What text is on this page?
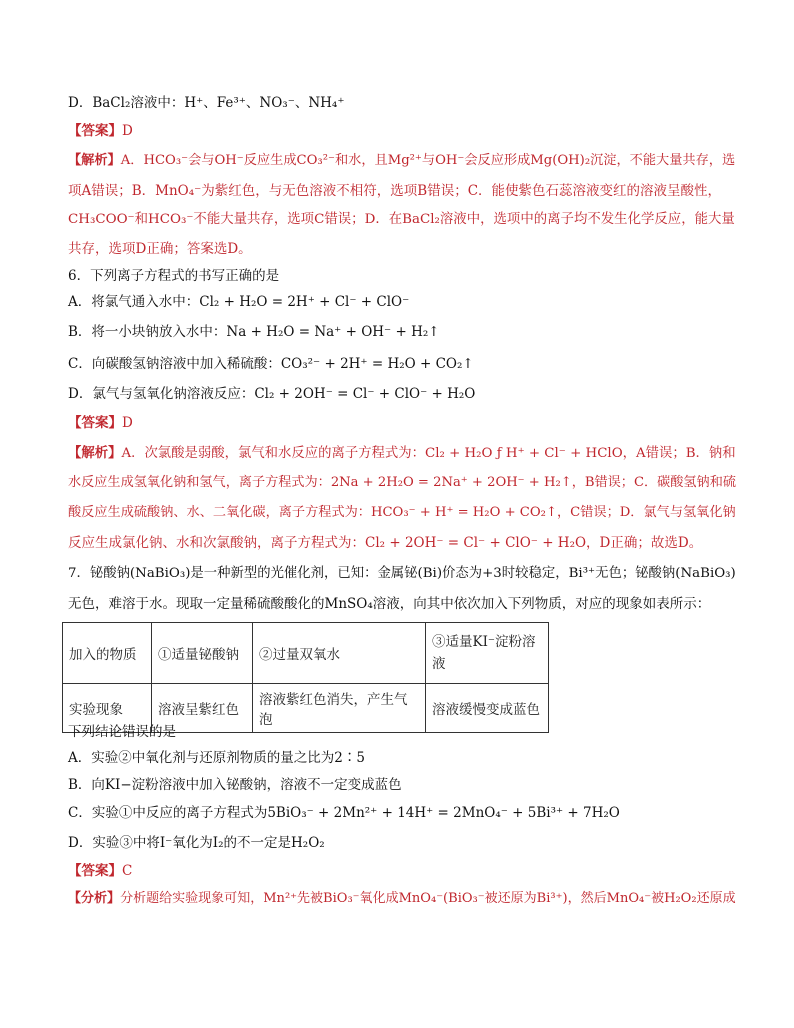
D．BaCl₂溶液中：H⁺、Fe³⁺、NO₃⁻、NH₄⁺
【答案】D
【解析】A．HCO₃⁻会与OH⁻反应生成CO₃²⁻和水，且Mg²⁺与OH⁻会反应形成Mg(OH)₂沉淀，不能大量共存，选
项A错误；B．MnO₄⁻为紫红色，与无色溶液不相符，选项B错误；C．能使紫色石蕊溶液变红的溶液呈酸性，
CH₃COO⁻和HCO₃⁻不能大量共存，选项C错误；D．在BaCl₂溶液中，选项中的离子均不发生化学反应，能大量
共存，选项D正确；答案选D。
6．下列离子方程式的书写正确的是
A．将氯气通入水中：Cl₂ + H₂O = 2H⁺ + Cl⁻ + ClO⁻
B．将一小块钠放入水中：Na + H₂O = Na⁺ + OH⁻ + H₂↑
C．向碳酸氢钠溶液中加入稀硫酸：CO₃²⁻ + 2H⁺ = H₂O + CO₂↑
D．氯气与氢氧化钠溶液反应：Cl₂ + 2OH⁻ = Cl⁻ + ClO⁻ + H₂O
【答案】D
【解析】A．次氯酸是弱酸，氯气和水反应的离子方程式为：Cl₂ + H₂O ƒ H⁺ + Cl⁻ + HClO，A错误；B．钠和
水反应生成氢氧化钠和氢气，离子方程式为：2Na + 2H₂O = 2Na⁺ + 2OH⁻ + H₂↑，B错误；C．碳酸氢钠和硫
酸反应生成硫酸钠、水、二氧化碳，离子方程式为：HCO₃⁻ + H⁺ = H₂O + CO₂↑，C错误；D．氯气与氢氧化钠
反应生成氯化钠、水和次氯酸钠，离子方程式为：Cl₂ + 2OH⁻ = Cl⁻ + ClO⁻ + H₂O，D正确；故选D。
7．铋酸钠(NaBiO₃)是一种新型的光催化剂，已知：金属铋(Bi)价态为+3时较稳定，Bi³⁺无色；铋酸钠(NaBiO₃)
无色，难溶于水。现取一定量稀硫酸酸化的MnSO₄溶液，向其中依次加入下列物质，对应的现象如表所示：
加入的物质	①适量铋酸钠	②过量双氧水	③适量KI⁻淀粉溶液
实验现象	溶液呈紫红色	溶液紫红色消失，产生气泡	溶液缓慢变成蓝色
下列结论错误的是
A．实验②中氧化剂与还原剂物质的量之比为2∶5
B．向KI−淀粉溶液中加入铋酸钠，溶液不一定变成蓝色
C．实验①中反应的离子方程式为5BiO₃⁻ + 2Mn²⁺ + 14H⁺ = 2MnO₄⁻ + 5Bi³⁺ + 7H₂O
D．实验③中将I⁻氧化为I₂的不一定是H₂O₂
【答案】C
【分析】分析题给实验现象可知，Mn²⁺先被BiO₃⁻氧化成MnO₄⁻(BiO₃⁻被还原为Bi³⁺)，然后MnO₄⁻被H₂O₂还原成
